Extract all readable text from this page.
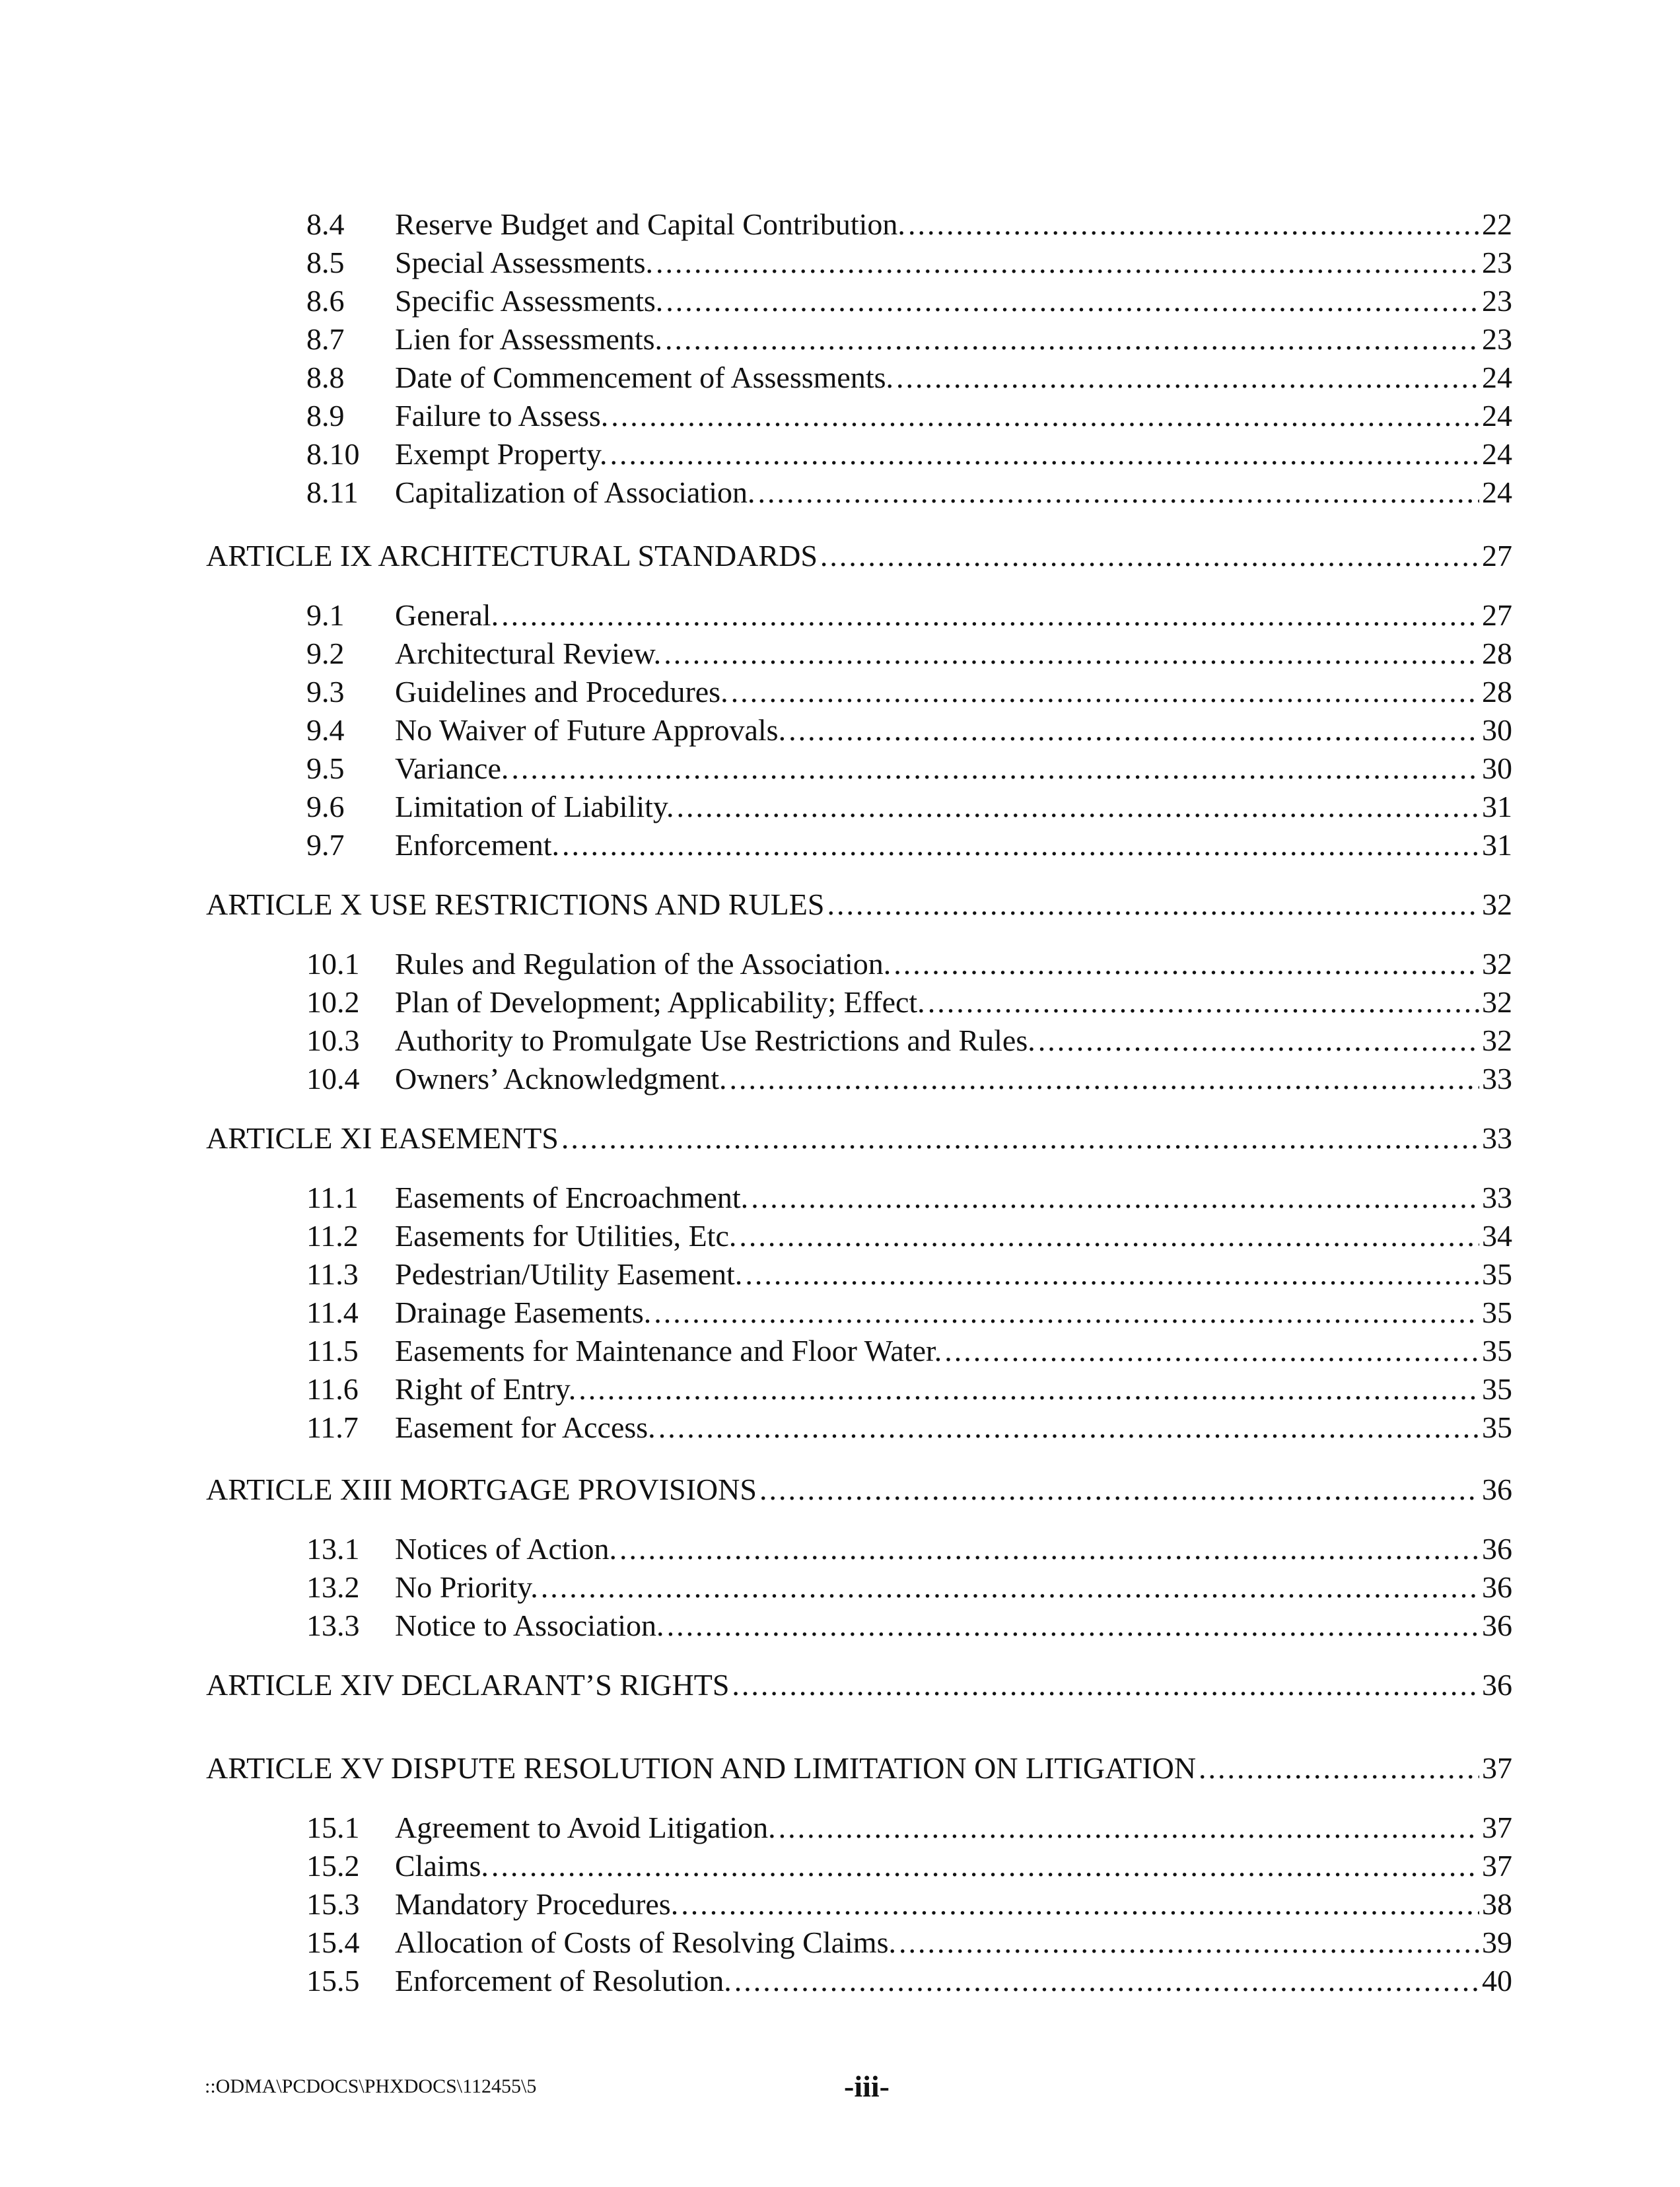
8.4	Reserve Budget and Capital Contribution. .....	22
8.5	Special Assessments. .....	23
8.6	Specific Assessments. .....	23
8.7	Lien for Assessments. .....	23
8.8	Date of Commencement of Assessments. .....	24
8.9	Failure to Assess. .....	24
8.10	Exempt Property. .....	24
8.11	Capitalization of Association. .....	24
ARTICLE IX ARCHITECTURAL STANDARDS .....	27
9.1	General. .....	27
9.2	Architectural Review. .....	28
9.3	Guidelines and Procedures. .....	28
9.4	No Waiver of Future Approvals. .....	30
9.5	Variance. .....	30
9.6	Limitation of Liability. .....	31
9.7	Enforcement. .....	31
ARTICLE X USE RESTRICTIONS AND RULES .....	32
10.1	Rules and Regulation of the Association. .....	32
10.2	Plan of Development; Applicability; Effect. .....	32
10.3	Authority to Promulgate Use Restrictions and Rules. .....	32
10.4	Owners’ Acknowledgment. .....	33
ARTICLE XI EASEMENTS .....	33
11.1	Easements of Encroachment. .....	33
11.2	Easements for Utilities, Etc. .....	34
11.3	Pedestrian/Utility Easement. .....	35
11.4	Drainage Easements. .....	35
11.5	Easements for Maintenance and Floor Water. .....	35
11.6	Right of Entry. .....	35
11.7	Easement for Access. .....	35
ARTICLE XIII MORTGAGE PROVISIONS .....	36
13.1	Notices of Action. .....	36
13.2	No Priority. .....	36
13.3	Notice to Association. .....	36
ARTICLE XIV DECLARANT’S RIGHTS .....	36
ARTICLE XV DISPUTE RESOLUTION AND LIMITATION ON LITIGATION .....	37
15.1	Agreement to Avoid Litigation. .....	37
15.2	Claims. .....	37
15.3	Mandatory Procedures. .....	38
15.4	Allocation of Costs of Resolving Claims. .....	39
15.5	Enforcement of Resolution. .....	40
::ODMA\PCDOCS\PHXDOCS\112455\5	-iii-
